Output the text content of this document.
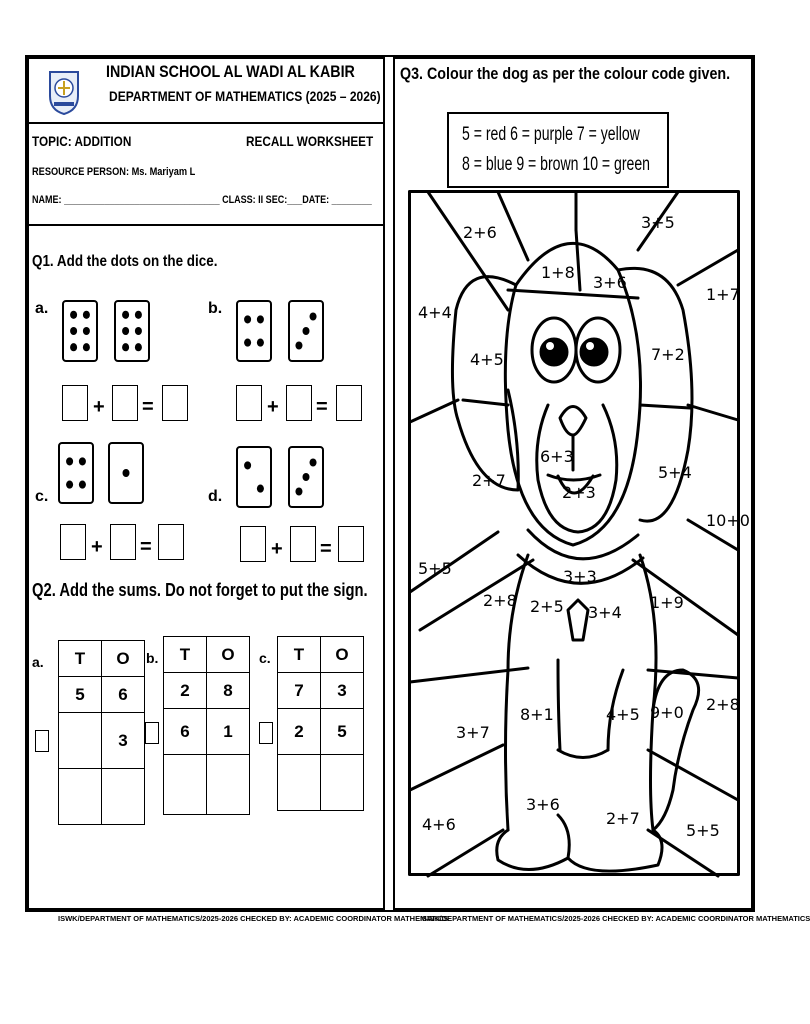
INDIAN SCHOOL AL WADI AL KABIR
DEPARTMENT OF MATHEMATICS (2025 – 2026)
TOPIC: ADDITION	RECALL WORKSHEET
RESOURCE PERSON: Ms. Mariyam L
NAME: _______________________________ CLASS: II SEC:___DATE: ________
Q1. Add the dots on the dice.
a.	b.
c.	d.
+ =	+ =
+ =	+ =
Q2. Add the sums. Do not forget to put the sign.
a. T	O
5	6
	3

b. T	O
2	8
6	1

c. T	O
7	3
2	5

Q3. Colour the dog as per the colour code given.
5 = red 6 = purple 7 = yellow
8 = blue 9 = brown 10 = green
2+6
1+8
3+6
3+5
4+4
1+7
4+5	7+2
6+3
2+3
2+7	5+4
10+0
5+5	3+3
2+8 2+5 3+4
1+9
8+1	4+5 9+0 2+8
3+7
3+6
4+6	2+7
5+5
ISWK/DEPARTMENT OF MATHEMATICS/2025-2026 CHECKED BY: ACADEMIC COORDINATOR MATHEMATICS
ISWK/DEPARTMENT OF MATHEMATICS/2025-2026 CHECKED BY: ACADEMIC COORDINATOR MATHEMATICS
